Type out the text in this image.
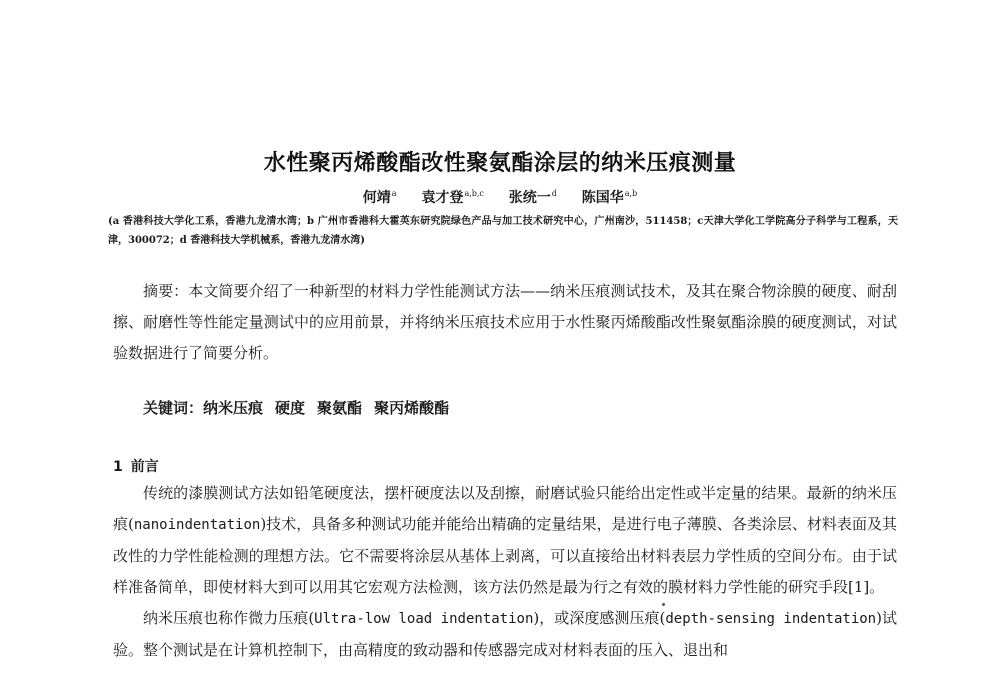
水性聚丙烯酸酯改性聚氨酯涂层的纳米压痕测量
何靖$^a$ 袁才登$^{a,b,c}$ 张统一$^d$ 陈国华$^{a,b}$
(a 香港科技大学化工系，香港九龙清水湾；b 广州市香港科大霍英东研究院绿色产品与加工技术研究中心，广州南沙，511458；c天津大学化工学院高分子科学与工程系，天津，300072；d 香港科技大学机械系，香港九龙清水湾)
摘要：本文简要介绍了一种新型的材料力学性能测试方法——纳米压痕测试技术，及其在聚合物涂膜的硬度、耐刮擦、耐磨性等性能定量测试中的应用前景，并将纳米压痕技术应用于水性聚丙烯酸酯改性聚氨酯涂膜的硬度测试，对试验数据进行了简要分析。
关键词：纳米压痕 硬度 聚氨酯 聚丙烯酸酯
1 前言

传统的漆膜测试方法如铅笔硬度法，摆杆硬度法以及刮擦，耐磨试验只能给出定性或半定量的结果。最新的纳米压痕(nanoindentation)技术，具备多种测试功能并能给出精确的定量结果，是进行电子薄膜、各类涂层、材料表面及其改性的力学性能检测的理想方法。它不需要将涂层从基体上剥离，可以直接给出材料表层力学性质的空间分布。由于试样准备简单，即使材料大到可以用其它宏观方法检测，该方法仍然是最为行之有效的膜材料力学性能的研究手段[1]。

纳米压痕也称作微力压痕(Ultra-low load indentation)，或深度感测压痕(depth-sensing indentation)试验。整个测试是在计算机控制下，由高精度的致动器和传感器完成对材料表面的压入、退出和
